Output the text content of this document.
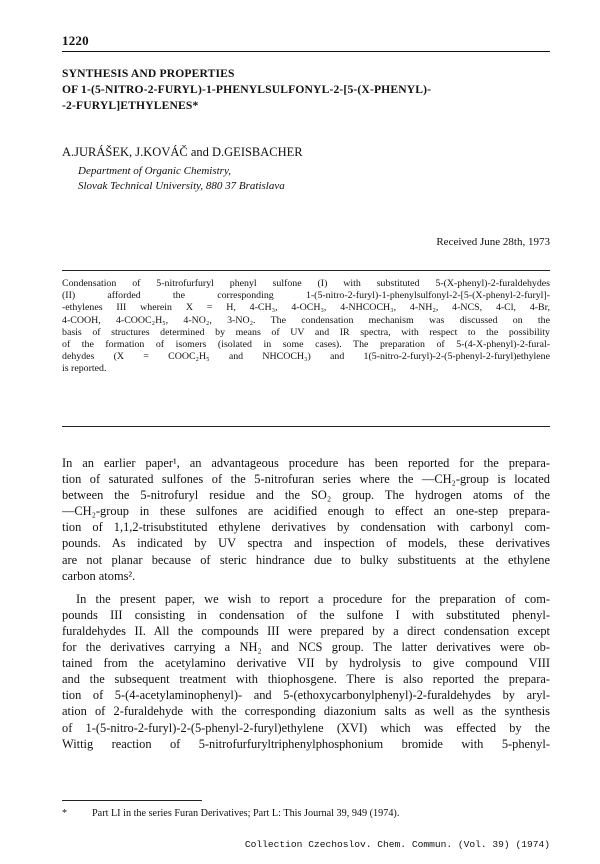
1220
SYNTHESIS AND PROPERTIES
OF 1-(5-NITRO-2-FURYL)-1-PHENYLSULFONYL-2-[5-(X-PHENYL)-
-2-FURYL]ETHYLENES*
A.JURÁŠEK, J.KOVÁČ and D.GEISBACHER
Department of Organic Chemistry,
Slovak Technical University, 880 37 Bratislava
Received June 28th, 1973
Condensation of 5-nitrofurfuryl phenyl sulfone (I) with substituted 5-(X-phenyl)-2-furaldehydes
(II) afforded the corresponding 1-(5-nitro-2-furyl)-1-phenylsulfonyl-2-[5-(X-phenyl-2-furyl]-
-ethylenes III wherein X = H, 4-CH₃, 4-OCH₃, 4-NHCOCH₃, 4-NH₂, 4-NCS, 4-Cl, 4-Br,
4-COOH, 4-COOC₂H₅, 4-NO₂, 3-NO₂. The condensation mechanism was discussed on the
basis of structures determined by means of UV and IR spectra, with respect to the possibility
of the formation of isomers (isolated in some cases). The preparation of 5-(4-X-phenyl)-2-fural-
dehydes (X = COOC₂H₅ and NHCOCH₃) and 1(5-nitro-2-furyl)-2-(5-phenyl-2-furyl)ethylene
is reported.
In an earlier paper¹, an advantageous procedure has been reported for the prepara-
tion of saturated sulfones of the 5-nitrofuran series where the —CH₂-group is located
between the 5-nitrofuryl residue and the SO₂ group. The hydrogen atoms of the
—CH₂-group in these sulfones are acidified enough to effect an one-step prepara-
tion of 1,1,2-trisubstituted ethylene derivatives by condensation with carbonyl com-
pounds. As indicated by UV spectra and inspection of models, these derivatives
are not planar because of steric hindrance due to bulky substituents at the ethylene
carbon atoms².
In the present paper, we wish to report a procedure for the preparation of com-
pounds III consisting in condensation of the sulfone I with substituted phenyl-
furaldehydes II. All the compounds III were prepared by a direct condensation except
for the derivatives carrying a NH₂ and NCS group. The latter derivatives were ob-
tained from the acetylamino derivative VII by hydrolysis to give compound VIII
and the subsequent treatment with thiophosgene. There is also reported the prepara-
tion of 5-(4-acetylaminophenyl)- and 5-(ethoxycarbonylphenyl)-2-furaldehydes by aryl-
ation of 2-furaldehyde with the corresponding diazonium salts as well as the synthesis
of 1-(5-nitro-2-furyl)-2-(5-phenyl-2-furyl)ethylene (XVI) which was effected by the
Wittig reaction of 5-nitrofurfuryltriphenylphosphonium bromide with 5-phenyl-
* Part LI in the series Furan Derivatives; Part L: This Journal 39, 949 (1974).
Collection Czechoslov. Chem. Commun. (Vol. 39) (1974)
